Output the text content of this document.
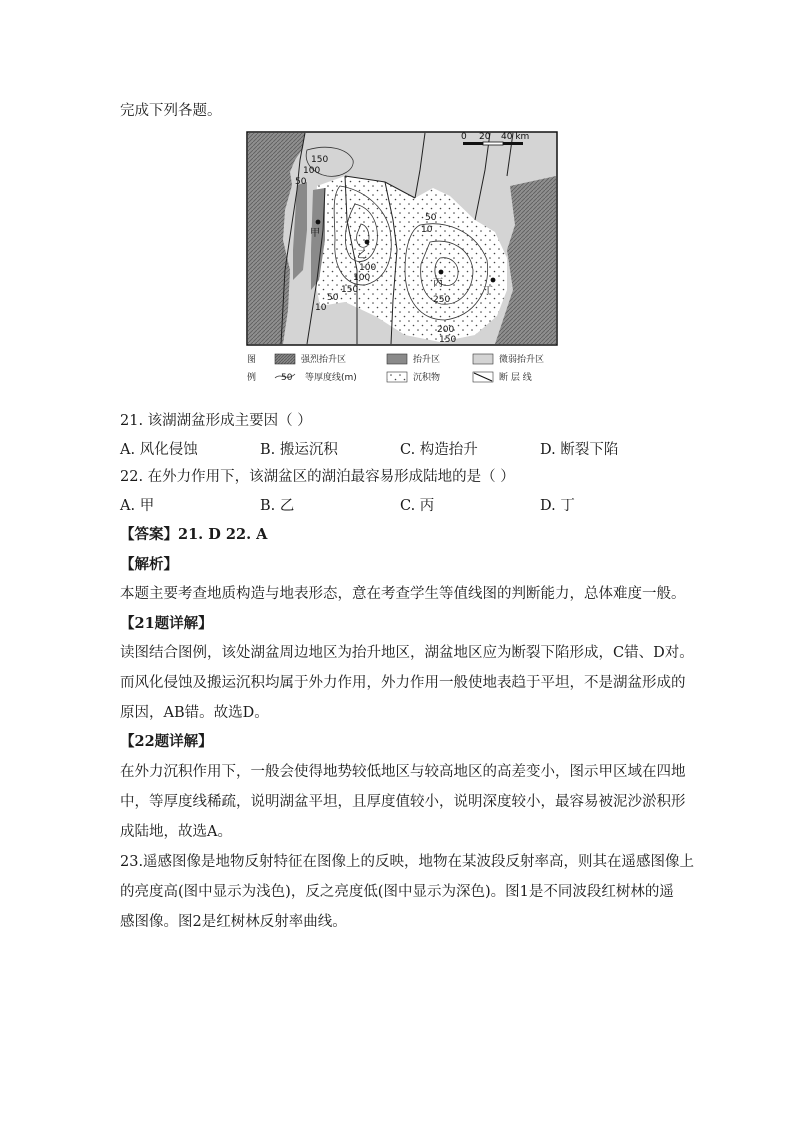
完成下列各题。
甲
乙
丙
丁
150
100
50
10
50
100
250
200
150
100
150
50
10
0 20 40 km
图
例
强烈抬升区	抬升区	微弱抬升区
50 等厚度线(m)	沉积物	断 层 线
21. 该湖湖盆形成主要因（ ）
A. 风化侵蚀	B. 搬运沉积	C. 构造抬升	D. 断裂下陷
22. 在外力作用下，该湖盆区的湖泊最容易形成陆地的是（ ）
A. 甲	B. 乙	C. 丙	D. 丁
【答案】21. D 22. A
【解析】
本题主要考查地质构造与地表形态，意在考查学生等值线图的判断能力，总体难度一般。
【21题详解】
读图结合图例，该处湖盆周边地区为抬升地区，湖盆地区应为断裂下陷形成，C错、D对。
而风化侵蚀及搬运沉积均属于外力作用，外力作用一般使地表趋于平坦，不是湖盆形成的
原因，AB错。故选D。
【22题详解】
在外力沉积作用下，一般会使得地势较低地区与较高地区的高差变小，图示甲区域在四地
中，等厚度线稀疏，说明湖盆平坦，且厚度值较小，说明深度较小，最容易被泥沙淤积形
成陆地，故选A。
23.遥感图像是地物反射特征在图像上的反映，地物在某波段反射率高，则其在遥感图像上
的亮度高(图中显示为浅色)，反之亮度低(图中显示为深色)。图1是不同波段红树林的遥
感图像。图2是红树林反射率曲线。
